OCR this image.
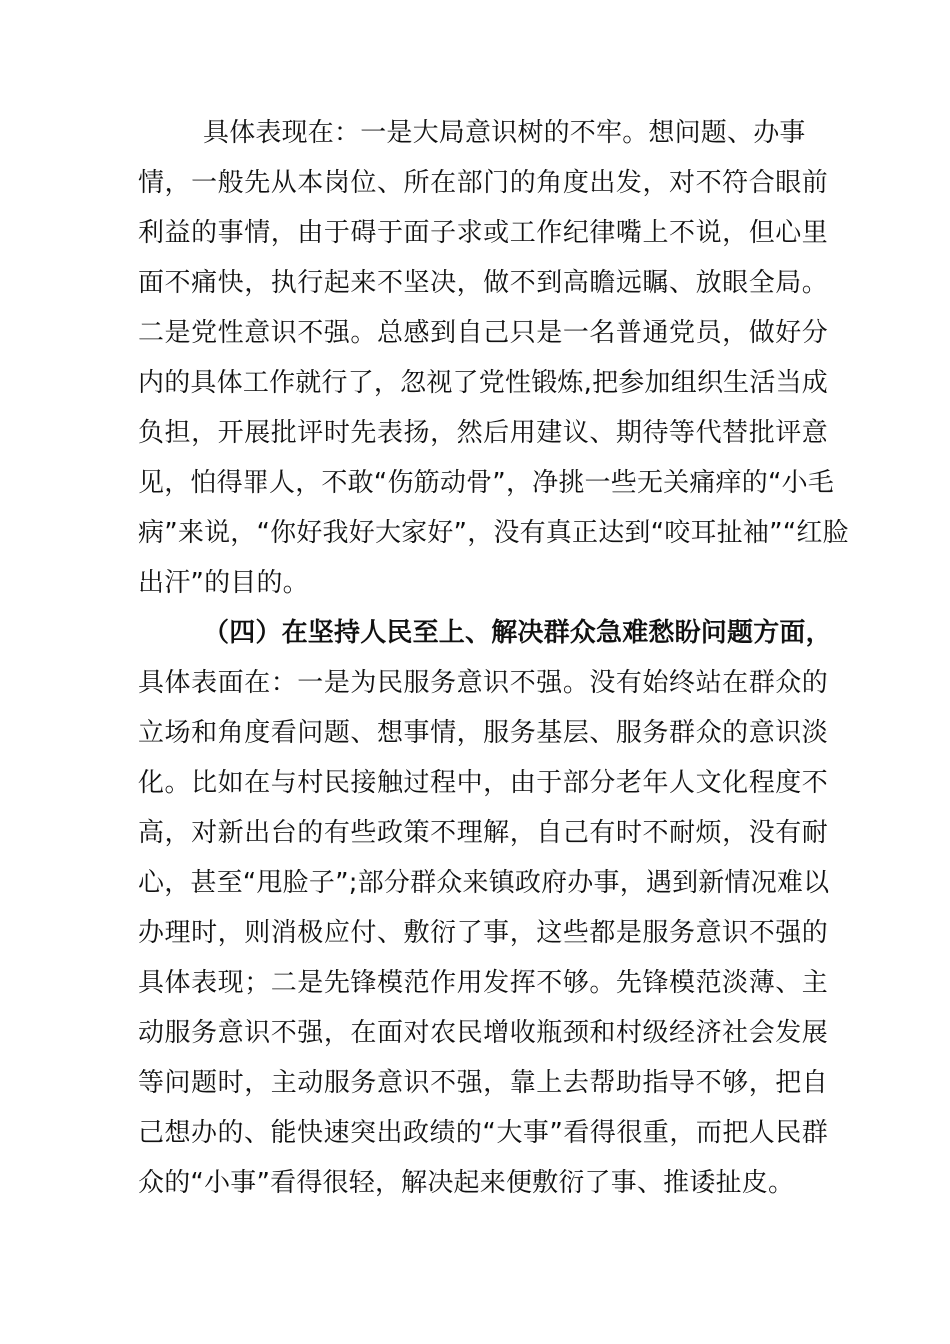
具体表现在：一是大局意识树的不牢。想问题、办事
情，一般先从本岗位、所在部门的角度出发，对不符合眼前
利益的事情，由于碍于面子求或工作纪律嘴上不说，但心里
面不痛快，执行起来不坚决，做不到高瞻远瞩、放眼全局。
二是党性意识不强。总感到自己只是一名普通党员，做好分
内的具体工作就行了，忽视了党性锻炼,把参加组织生活当成
负担，开展批评时先表扬，然后用建议、期待等代替批评意
见，怕得罪人，不敢“伤筋动骨”，净挑一些无关痛痒的“小毛
病”来说，“你好我好大家好”，没有真正达到“咬耳扯袖”“红脸
出汗”的目的。
（四）在坚持人民至上、解决群众急难愁盼问题方面，
具体表面在：一是为民服务意识不强。没有始终站在群众的
立场和角度看问题、想事情，服务基层、服务群众的意识淡
化。比如在与村民接触过程中，由于部分老年人文化程度不
高，对新出台的有些政策不理解，自己有时不耐烦，没有耐
心，甚至“甩脸子”;部分群众来镇政府办事，遇到新情况难以
办理时，则消极应付、敷衍了事，这些都是服务意识不强的
具体表现；二是先锋模范作用发挥不够。先锋模范淡薄、主
动服务意识不强，在面对农民增收瓶颈和村级经济社会发展
等问题时，主动服务意识不强，靠上去帮助指导不够，把自
己想办的、能快速突出政绩的“大事”看得很重，而把人民群
众的“小事”看得很轻，解决起来便敷衍了事、推诿扯皮。
